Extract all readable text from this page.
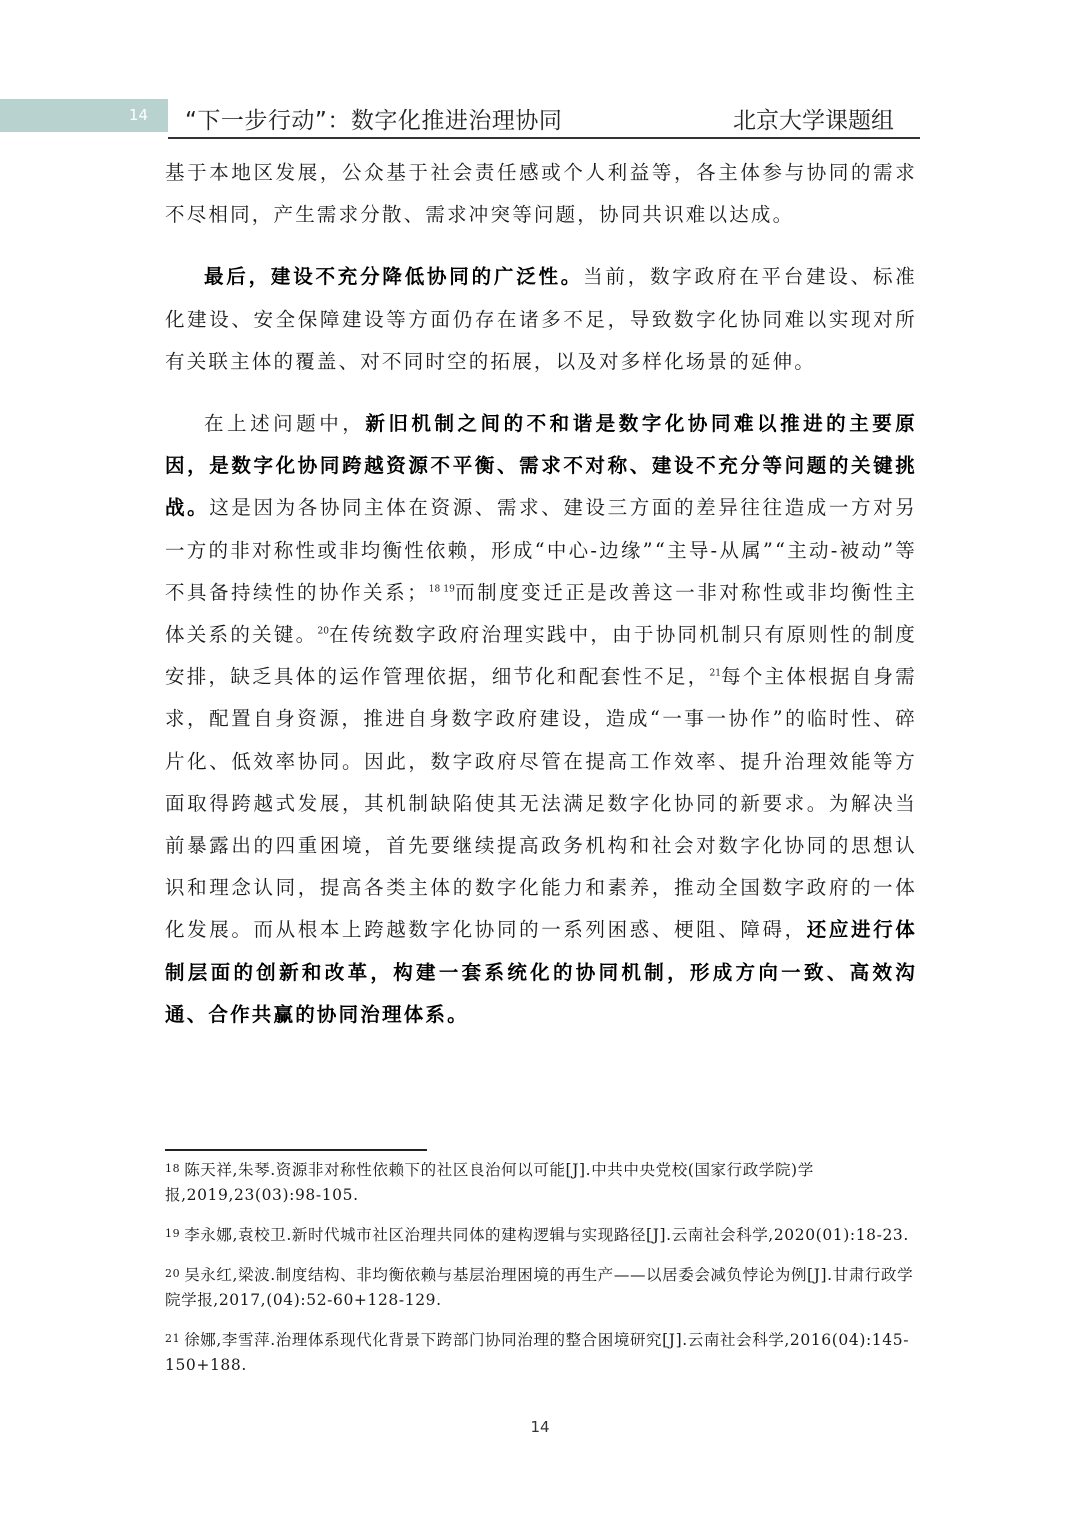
14	“下一步行动”：数字化推进治理协同	北京大学课题组

基于本地区发展，公众基于社会责任感或个人利益等，各主体参与协同的需求不尽相同，产生需求分散、需求冲突等问题，协同共识难以达成。

最后，建设不充分降低协同的广泛性。当前，数字政府在平台建设、标准化建设、安全保障建设等方面仍存在诸多不足，导致数字化协同难以实现对所有关联主体的覆盖、对不同时空的拓展，以及对多样化场景的延伸。

在上述问题中，新旧机制之间的不和谐是数字化协同难以推进的主要原因，是数字化协同跨越资源不平衡、需求不对称、建设不充分等问题的关键挑战。这是因为各协同主体在资源、需求、建设三方面的差异往往造成一方对另一方的非对称性或非均衡性依赖，形成“中心-边缘”“主导-从属”“主动-被动”等不具备持续性的协作关系；$^{18 19}$而制度变迁正是改善这一非对称性或非均衡性主体关系的关键。$^{20}$在传统数字政府治理实践中，由于协同机制只有原则性的制度安排，缺乏具体的运作管理依据，细节化和配套性不足，$^{21}$每个主体根据自身需求，配置自身资源，推进自身数字政府建设，造成“一事一协作”的临时性、碎片化、低效率协同。因此，数字政府尽管在提高工作效率、提升治理效能等方面取得跨越式发展，其机制缺陷使其无法满足数字化协同的新要求。为解决当前暴露出的四重困境，首先要继续提高政务机构和社会对数字化协同的思想认识和理念认同，提高各类主体的数字化能力和素养，推动全国数字政府的一体化发展。而从根本上跨越数字化协同的一系列困惑、梗阻、障碍，还应进行体制层面的创新和改革，构建一套系统化的协同机制，形成方向一致、高效沟通、合作共赢的协同治理体系。

$^{18}$ 陈天祥,朱琴.资源非对称性依赖下的社区良治何以可能[J].中共中央党校(国家行政学院)学报,2019,23(03):98-105.

$^{19}$ 李永娜,袁校卫.新时代城市社区治理共同体的建构逻辑与实现路径[J].云南社会科学,2020(01):18-23.

$^{20}$ 吴永红,梁波.制度结构、非均衡依赖与基层治理困境的再生产——以居委会减负悖论为例[J].甘肃行政学院学报,2017,(04):52-60+128-129.

$^{21}$ 徐娜,李雪萍.治理体系现代化背景下跨部门协同治理的整合困境研究[J].云南社会科学,2016(04):145-150+188.

14
